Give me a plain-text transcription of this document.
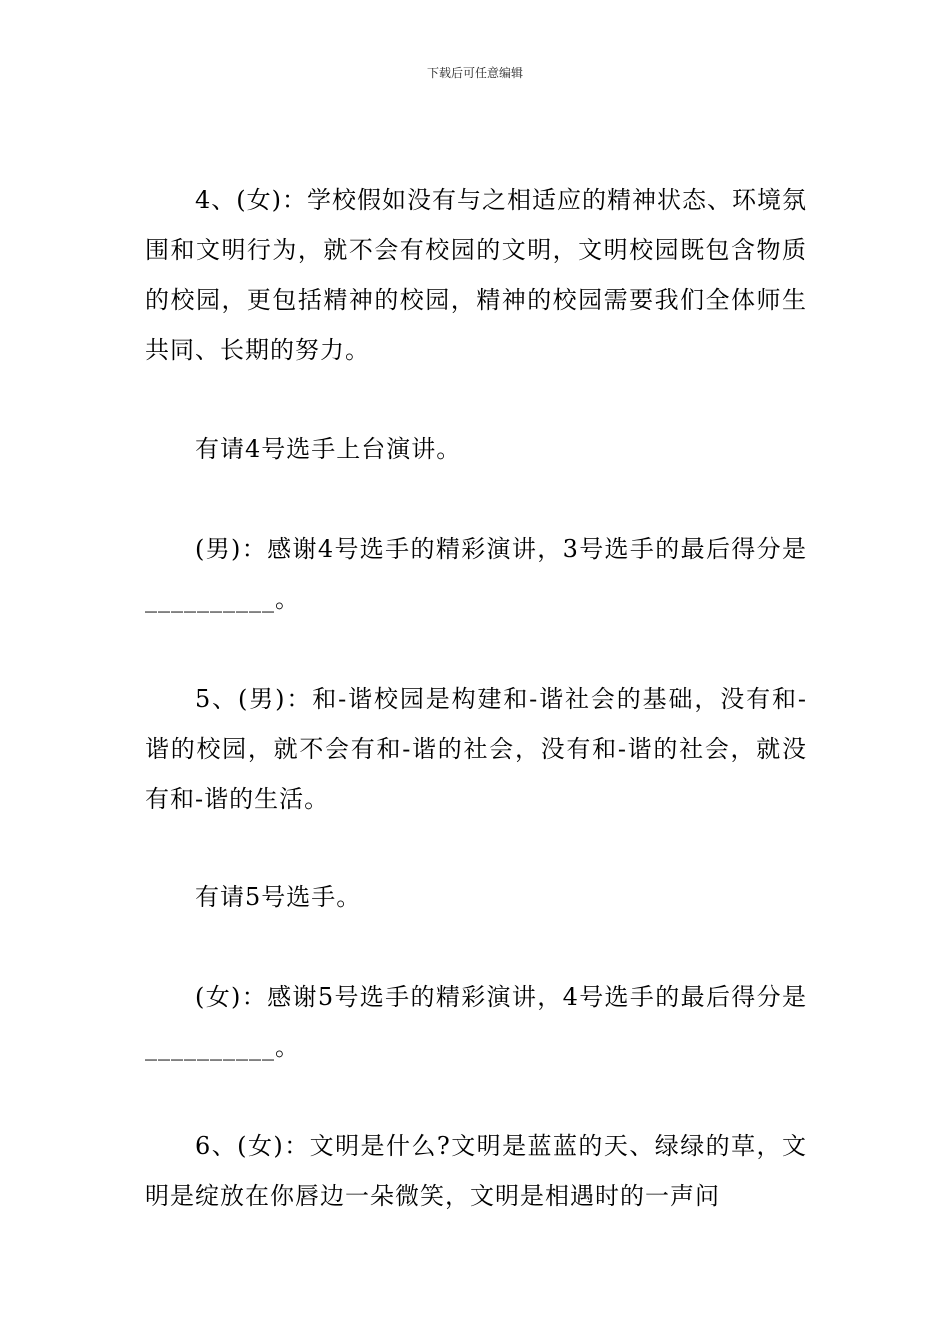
下载后可任意编辑

4、(女)：学校假如没有与之相适应的精神状态、环境氛围和文明行为，就不会有校园的文明，文明校园既包含物质的校园，更包括精神的校园，精神的校园需要我们全体师生共同、长期的努力。

有请4号选手上台演讲。

(男)：感谢4号选手的精彩演讲，3号选手的最后得分是__________。

5、(男)：和-谐校园是构建和-谐社会的基础，没有和-谐的校园，就不会有和-谐的社会，没有和-谐的社会，就没有和-谐的生活。

有请5号选手。

(女)：感谢5号选手的精彩演讲，4号选手的最后得分是__________。

6、(女)：文明是什么?文明是蓝蓝的天、绿绿的草，文明是绽放在你唇边一朵微笑，文明是相遇时的一声问
